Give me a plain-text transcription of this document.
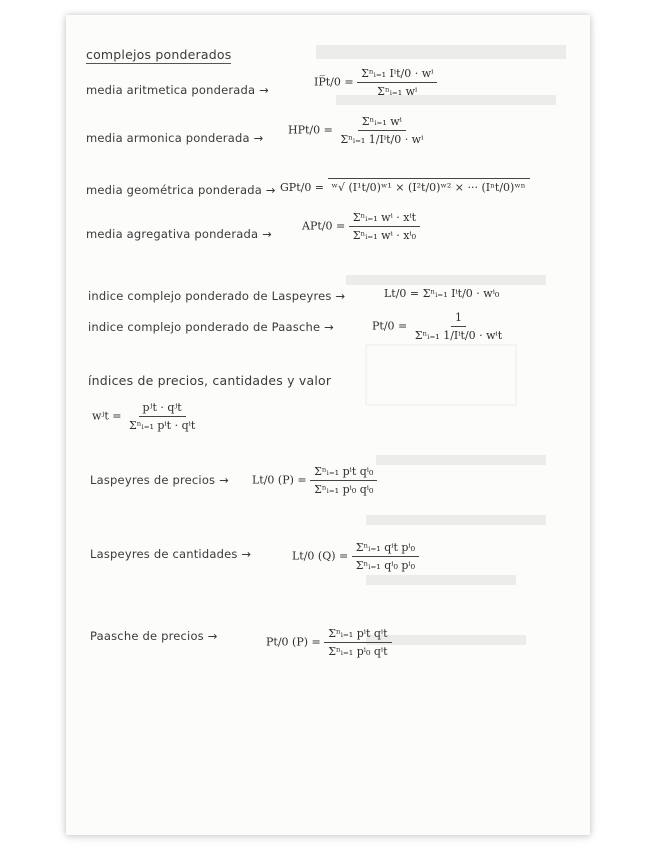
complejos ponderados
media aritmetica ponderada →
IP̅t/0 = $\frac{\text{Σⁿᵢ₌₁ Iⁱt/0 · wⁱ}}{\text{Σⁿᵢ₌₁ wⁱ}}$
media armonica ponderada →
$HPt/0 = \frac{\text{Σⁿᵢ₌₁ wⁱ}}{\text{Σⁿᵢ₌₁ 1/Iⁱt/0 · wⁱ}}$
media geométrica ponderada → GPt/0 = ʷ√ (I¹t/0)ʷ¹ × (I²t/0)ʷ² × ··· (Iⁿt/0)ʷⁿ
media agregativa ponderada →
$APt/0 = \frac{\text{Σⁿᵢ₌₁ wⁱ · xⁱt}}{\text{Σⁿᵢ₌₁ wⁱ · xⁱ₀}}$
indice complejo ponderado de Laspeyres →	Lt/0 = Σⁿᵢ₌₁ Iⁱt/0 · wⁱ₀
indice complejo ponderado de Paasche →	$Pt/0 = \frac{1}{\text{Σⁿᵢ₌₁ 1/Iⁱt/0 · wⁱt}}$
índices de precios, cantidades y valor
wʲt = $\frac{\text{pʲt · qʲt}}{\text{Σⁿᵢ₌₁ pⁱt · qⁱt}}$
Laspeyres de precios → Lt/0 $(P) = \frac{\text{Σⁿᵢ₌₁ pⁱt qⁱ₀}}{\text{Σⁿᵢ₌₁ pⁱ₀ qⁱ₀}}$
Laspeyres de cantidades →	Lt/0 $(Q) = \frac{\text{Σⁿᵢ₌₁ qⁱt pⁱ₀}}{\text{Σⁿᵢ₌₁ qⁱ₀ pⁱ₀}}$
Paasche de precios →	Pt/0 $(P) = \frac{\text{Σⁿᵢ₌₁ pⁱt qⁱt}}{\text{Σⁿᵢ₌₁ pⁱ₀ qⁱt}}$
